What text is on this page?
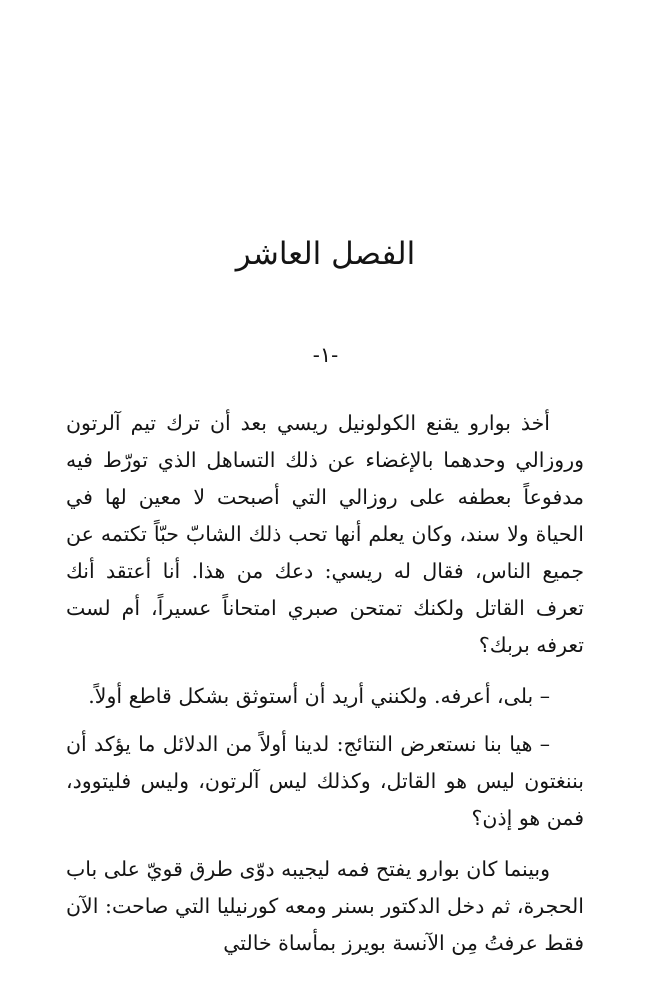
الفصل العاشر
-١-

أخذ بوارو يقنع الكولونيل ريسي بعد أن ترك تيم آلرتون وروزالي وحدهما بالإغضاء عن ذلك التساهل الذي تورّط فيه مدفوعاً بعطفه على روزالي التي أصبحت لا معين لها في الحياة ولا سند، وكان يعلم أنها تحب ذلك الشابّ حبّاً تكتمه عن جميع الناس، فقال له ريسي: دعك من هذا. أنا أعتقد أنك تعرف القاتل ولكنك تمتحن صبري امتحاناً عسيراً، أم لست تعرفه بربك؟

– بلى، أعرفه. ولكنني أريد أن أستوثق بشكل قاطع أولاً.

– هيا بنا نستعرض النتائج: لدينا أولاً من الدلائل ما يؤكد أن بننغتون ليس هو القاتل، وكذلك ليس آلرتون، وليس فليتوود، فمن هو إذن؟

وبينما كان بوارو يفتح فمه ليجيبه دوّى طرق قويّ على باب الحجرة، ثم دخل الدكتور بسنر ومعه كورنيليا التي صاحت: الآن فقط عرفتُ مِن الآنسة بويرز بمأساة خالتي
